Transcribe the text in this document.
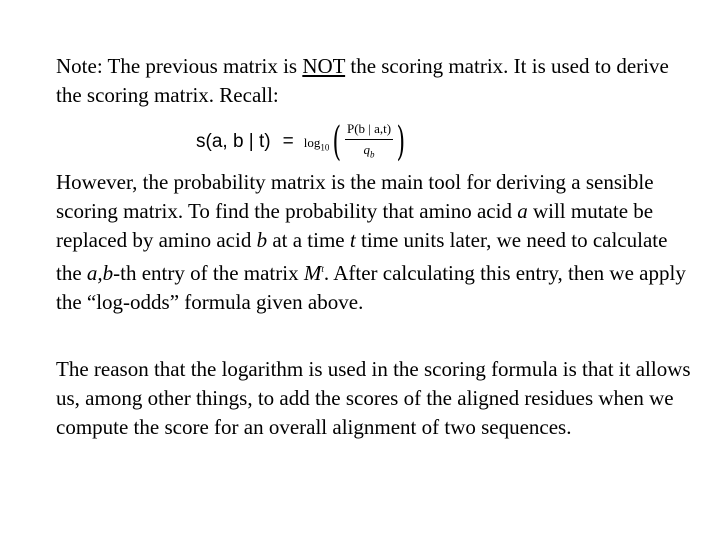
Note: The previous matrix is NOT the scoring matrix. It is used to derive the scoring matrix. Recall:

s(a, b | $t) = \log_{10}$ ( $\frac{P(b | a,t)}{q_b}$ )

However, the probability matrix is the main tool for deriving a sensible scoring matrix. To find the probability that amino acid a will mutate be replaced by amino acid b at a time t time units later, we need to calculate the a,b-th entry of the matrix $M^t$. After calculating this entry, then we apply the “log-odds” formula given above.

The reason that the logarithm is used in the scoring formula is that it allows us, among other things, to add the scores of the aligned residues when we compute the score for an overall alignment of two sequences.
